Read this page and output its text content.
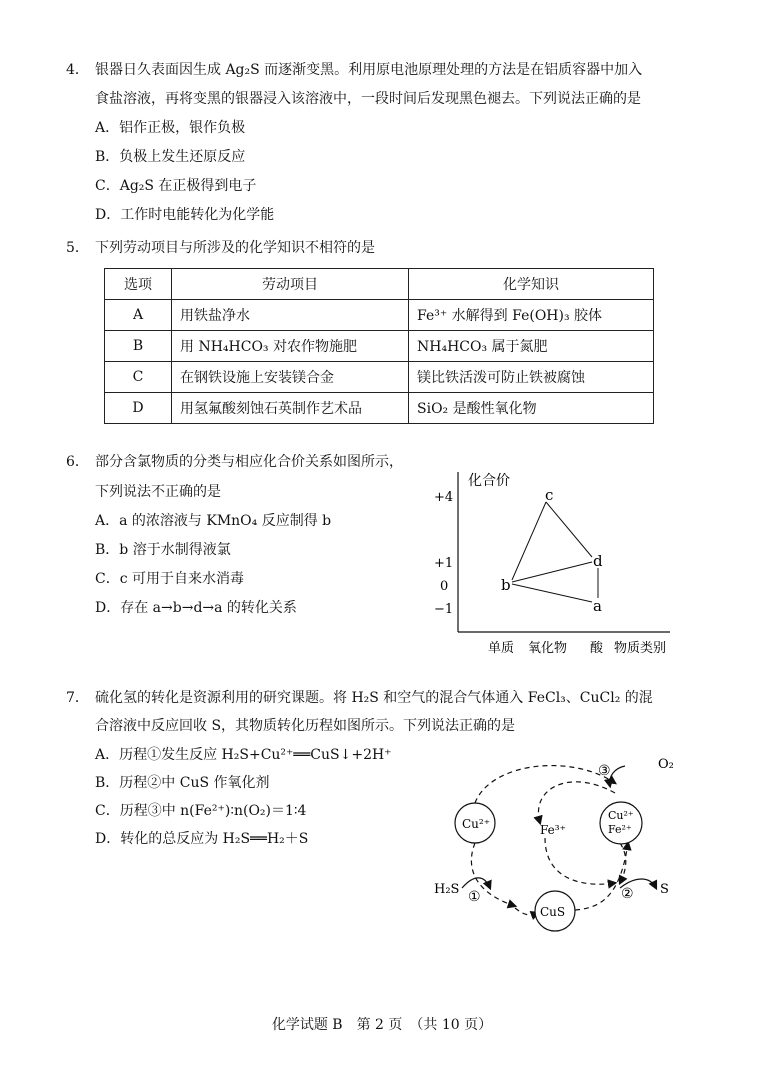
4． 银器日久表面因生成 Ag₂S 而逐渐变黑。利用原电池原理处理的方法是在铝质容器中加入
食盐溶液，再将变黑的银器浸入该溶液中，一段时间后发现黑色褪去。下列说法正确的是
A．铝作正极，银作负极
B．负极上发生还原反应
C．Ag₂S 在正极得到电子
D．工作时电能转化为化学能
5． 下列劳动项目与所涉及的化学知识不相符的是
选项	劳动项目	化学知识
A	用铁盐净水	Fe³⁺ 水解得到 Fe(OH)₃ 胶体
B	用 NH₄HCO₃ 对农作物施肥	NH₄HCO₃ 属于氮肥
C	在钢铁设施上安装镁合金	镁比铁活泼可防止铁被腐蚀
D	用氢氟酸刻蚀石英制作艺术品	SiO₂ 是酸性氧化物
6． 部分含氯物质的分类与相应化合价关系如图所示，
下列说法不正确的是
A．a 的浓溶液与 KMnO₄ 反应制得 b
B．b 溶于水制得液氯
C．c 可用于自来水消毒
D．存在 a→b→d→a 的转化关系
化合价
+4
+1
0
−1
单质 氧化物 酸 物质类别
b
c
d
a
7． 硫化氢的转化是资源利用的研究课题。将 H₂S 和空气的混合气体通入 FeCl₃、CuCl₂ 的混
合溶液中反应回收 S，其物质转化历程如图所示。下列说法正确的是
A．历程①发生反应 H₂S+Cu²⁺══CuS↓+2H⁺
B．历程②中 CuS 作氧化剂
C．历程③中 n(Fe²⁺)∶n(O₂)＝1∶4
D．转化的总反应为 H₂S══H₂＋S
Cu²⁺
Cu²⁺
Fe²⁺
CuS
Fe³⁺
H₂S	S
O₂
①	②
③
化学试题 B　第 2 页　（共 10 页）
